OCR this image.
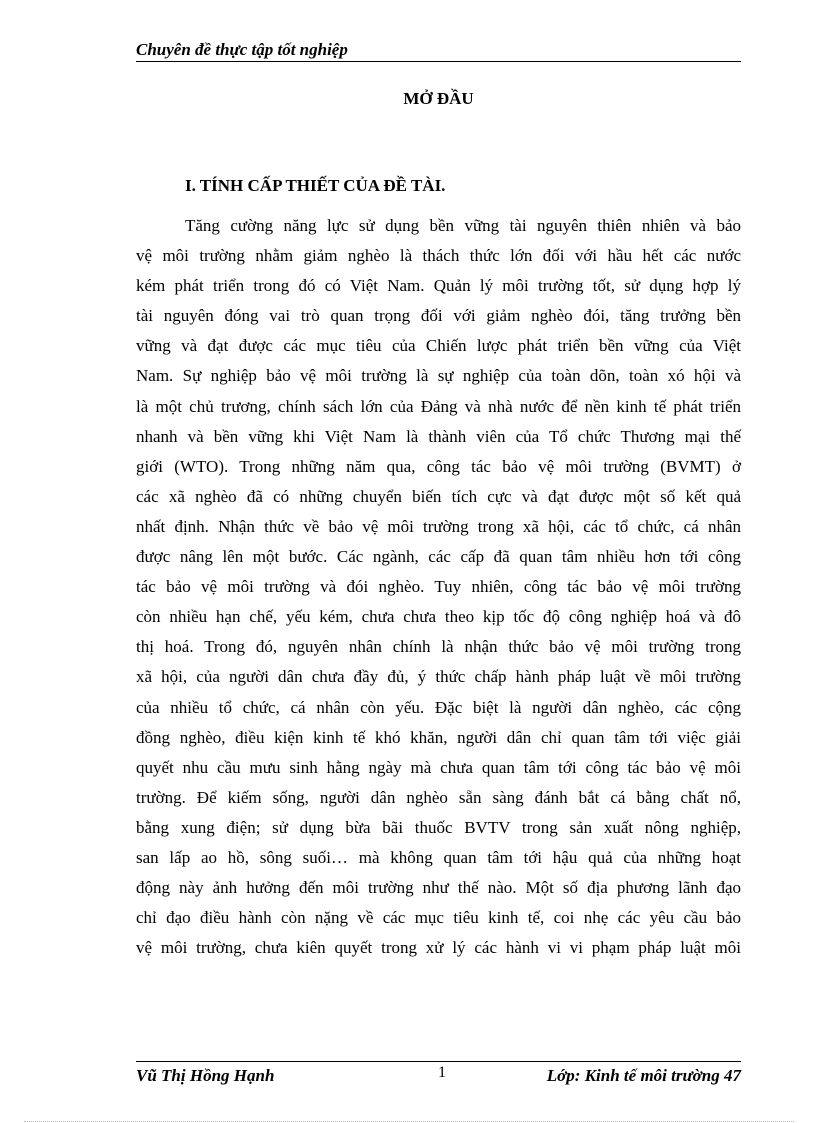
Chuyên đề thực tập tốt nghiệp
MỞ ĐẦU
I. TÍNH CẤP THIẾT CỦA ĐỀ TÀI.
Tăng cường năng lực sử dụng bền vững tài nguyên thiên nhiên và bảo
vệ môi trường nhằm giảm nghèo là thách thức lớn đối với hầu hết các nước
kém phát triển trong đó có Việt Nam. Quản lý môi trường tốt, sử dụng hợp lý
tài nguyên đóng vai trò quan trọng đối với giảm nghèo đói, tăng trưởng bền
vững và đạt được các mục tiêu của Chiến lược phát triển bền vững của Việt
Nam. Sự nghiệp bảo vệ môi trường là sự nghiệp của toàn dõn, toàn xó hội và
là một chủ trương, chính sách lớn của Đảng và nhà nước để nền kinh tế phát triển
nhanh và bền vững khi Việt Nam là thành viên của Tổ chức Thương mại thế
giới (WTO). Trong những năm qua, công tác bảo vệ môi trường (BVMT) ở
các xã nghèo đã có những chuyển biến tích cực và đạt được một số kết quả
nhất định. Nhận thức về bảo vệ môi trường trong xã hội, các tổ chức, cá nhân
được nâng lên một bước. Các ngành, các cấp đã quan tâm nhiều hơn tới công
tác bảo vệ môi trường và đói nghèo. Tuy nhiên, công tác bảo vệ môi trường
còn nhiều hạn chế, yếu kém, chưa chưa theo kịp tốc độ công nghiệp hoá và đô
thị hoá. Trong đó, nguyên nhân chính là nhận thức bảo vệ môi trường trong
xã hội, của người dân chưa đầy đủ, ý thức chấp hành pháp luật về môi trường
của nhiều tổ chức, cá nhân còn yếu. Đặc biệt là người dân nghèo, các cộng
đồng nghèo, điều kiện kinh tế khó khăn, người dân chỉ quan tâm tới việc giải
quyết nhu cầu mưu sinh hằng ngày mà chưa quan tâm tới công tác bảo vệ môi
trường. Để kiếm sống, người dân nghèo sẵn sàng đánh bắt cá bằng chất nổ,
bằng xung điện; sử dụng bừa bãi thuốc BVTV trong sản xuất nông nghiệp,
san lấp ao hồ, sông suối… mà không quan tâm tới hậu quả của những hoạt
động này ảnh hưởng đến môi trường như thế nào. Một số địa phương lãnh đạo
chỉ đạo điều hành còn nặng về các mục tiêu kinh tế, coi nhẹ các yêu cầu bảo
vệ môi trường, chưa kiên quyết trong xử lý các hành vi vi phạm pháp luật môi
Vũ Thị Hồng Hạnh	1	Lớp: Kinh tế môi trường 47
